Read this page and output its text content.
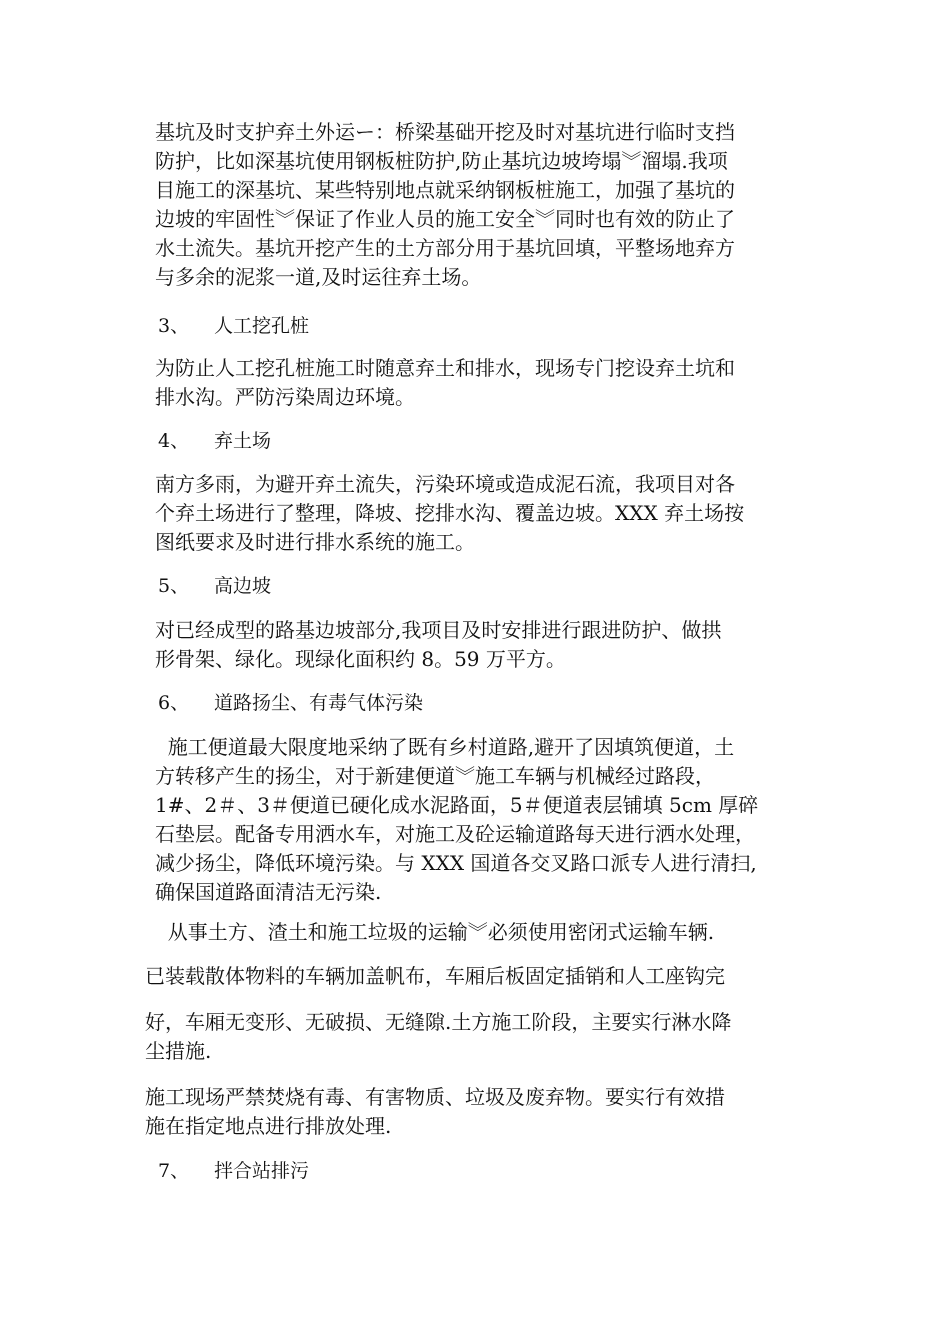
基坑及时支护弃土外运ー：桥梁基础开挖及时对基坑进行临时支挡
防护，比如深基坑使用钢板桩防护,防止基坑边坡垮塌︾溜塌.我项
目施工的深基坑、某些特别地点就采纳钢板桩施工，加强了基坑的
边坡的牢固性︾保证了作业人员的施工安全︾同时也有效的防止了
水土流失。基坑开挖产生的土方部分用于基坑回填，平整场地弃方
与多余的泥浆一道,及时运往弃土场。

3、 人工挖孔桩

为防止人工挖孔桩施工时随意弃土和排水，现场专门挖设弃土坑和
排水沟。严防污染周边环境。

4、 弃土场

南方多雨，为避开弃土流失，污染环境或造成泥石流，我项目对各
个弃土场进行了整理，降坡、挖排水沟、覆盖边坡。XXX 弃土场按
图纸要求及时进行排水系统的施工。

5、 高边坡

对已经成型的路基边坡部分,我项目及时安排进行跟进防护、做拱
形骨架、绿化。现绿化面积约 8。59 万平方。

6、 道路扬尘、有毒气体污染

施工便道最大限度地采纳了既有乡村道路,避开了因填筑便道，土
方转移产生的扬尘，对于新建便道︾施工车辆与机械经过路段，
1#、2＃、3＃便道已硬化成水泥路面，5＃便道表层铺填 5cm 厚碎
石垫层。配备专用洒水车，对施工及砼运输道路每天进行洒水处理，
减少扬尘，降低环境污染。与 XXX 国道各交叉路口派专人进行清扫,
确保国道路面清洁无污染.

从事土方、渣土和施工垃圾的运输︾必须使用密闭式运输车辆.

已装载散体物料的车辆加盖帆布，车厢后板固定插销和人工座钩完

好，车厢无变形、无破损、无缝隙.土方施工阶段，主要实行淋水降
尘措施.

施工现场严禁焚烧有毒、有害物质、垃圾及废弃物。要实行有效措
施在指定地点进行排放处理.

7、 拌合站排污
